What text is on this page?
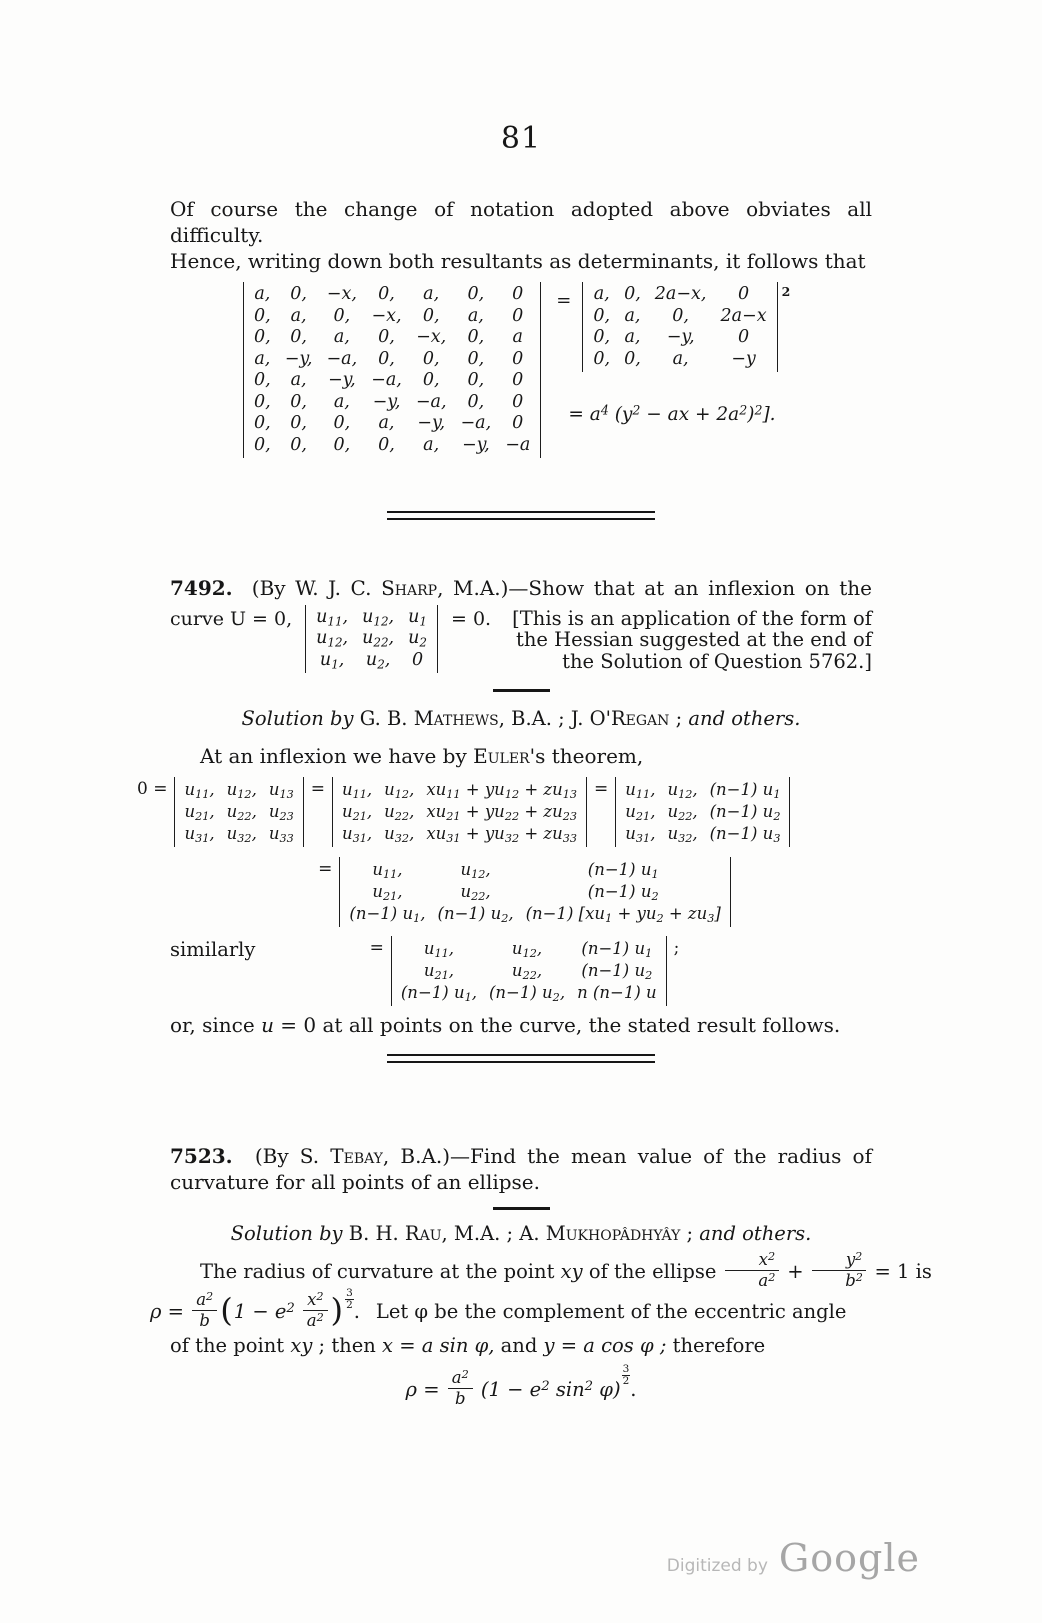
81
Of course the change of notation adopted above obviates all difficulty.
Hence, writing down both resultants as determinants, it follows that
a,	0,	−x,	0,	a,	0,	0
0,	a,	0,	−x,	0,	a,	0
0,	0,	a,	0,	−x,	0,	a
a,	−y,	−a,	0,	0,	0,	0
0,	a,	−y,	−a,	0,	0,	0
0,	0,	a,	−y,	−a,	0,	0
0,	0,	0,	a,	−y,	−a,	0
0,	0,	0,	0,	a,	−y,	−a
= a,	0,	2a−x,	0
0,	a,	0,	2a−x
0,	a,	−y,	0
0,	0,	a,	−y
2
= $a^4$ ($y^2$ − ax + $2a^2)^2$].
7492.  (By W. J. C. Sharp, M.A.)—Show that at an inflexion on the
curve U = 0, $u_{11}$,	$u_{12}$,	$u_1$
$u_{12}$,	$u_{22}$,	$u_2$
$u_1$,	$u_2$,	0
= 0.	[This is an application of the form of
the Hessian suggested at the end of
the Solution of Question 5762.]
Solution by G. B. Mathews, B.A. ; J. O'Regan ; and others.
At an inflexion we have by Euler's theorem,
$0 = u_{11}$,	$u_{12}$,	$u_{13}$
$u_{21}$,	$u_{22}$,	$u_{23}$
$u_{31}$,	$u_{32}$,	$u_{33}$
= $u_{11}$,	$u_{12}$,	$xu_{11} + yu_{12} + zu_{13}$
$u_{21}$,	$u_{22}$,	$xu_{21} + yu_{22} + zu_{23}$
$u_{31}$,	$u_{32}$,	$xu_{31} + yu_{32} + zu_{33}$
= $u_{11}$,	$u_{12}$,	(n−1) $u_1$
$u_{21}$,	$u_{22}$,	(n−1) $u_2$
$u_{31}$,	$u_{32}$,	(n−1) $u_3$
= $u_{11}$,	$u_{12}$,	(n−1) $u_1$
$u_{21}$,	$u_{22}$,	(n−1) $u_2$
(n−1) $u_1$,	(n−1) $u_2$,	(n−1) $[xu_1 + yu_2 + zu_3]$
similarly	= $u_{11}$,	$u_{12}$,	(n−1) $u_1$
$u_{21}$,	$u_{22}$,	(n−1) $u_2$
(n−1) $u_1$,	(n−1) $u_2$,	n (n−1) u
;
or, since u = 0 at all points on the curve, the stated result follows.
7523.  (By S. Tebay, B.A.)—Find the mean value of the radius of
curvature for all points of an ellipse.
Solution by B. H. Rau, M.A. ; A. Mukhopâdhyây ; and others.
The radius of curvature at the point xy of the ellipse $\frac{x^2}{a^2} + \frac{y^2}{b^2} = 1$ is
$\rho = \frac{a^2}{b} (1 - e^2 \frac{x^2}{a^2}$ ) $\frac{3}{2}$
.  Let φ be the complement of the eccentric angle
of the point xy ; then x = a sin φ, and y = a cos φ ; therefore
$\rho = \frac{a^2}{b} (1 - e^2$ $\sin^2 \varphi$)
$\frac{3}{2}$
.
Digitized by Google
